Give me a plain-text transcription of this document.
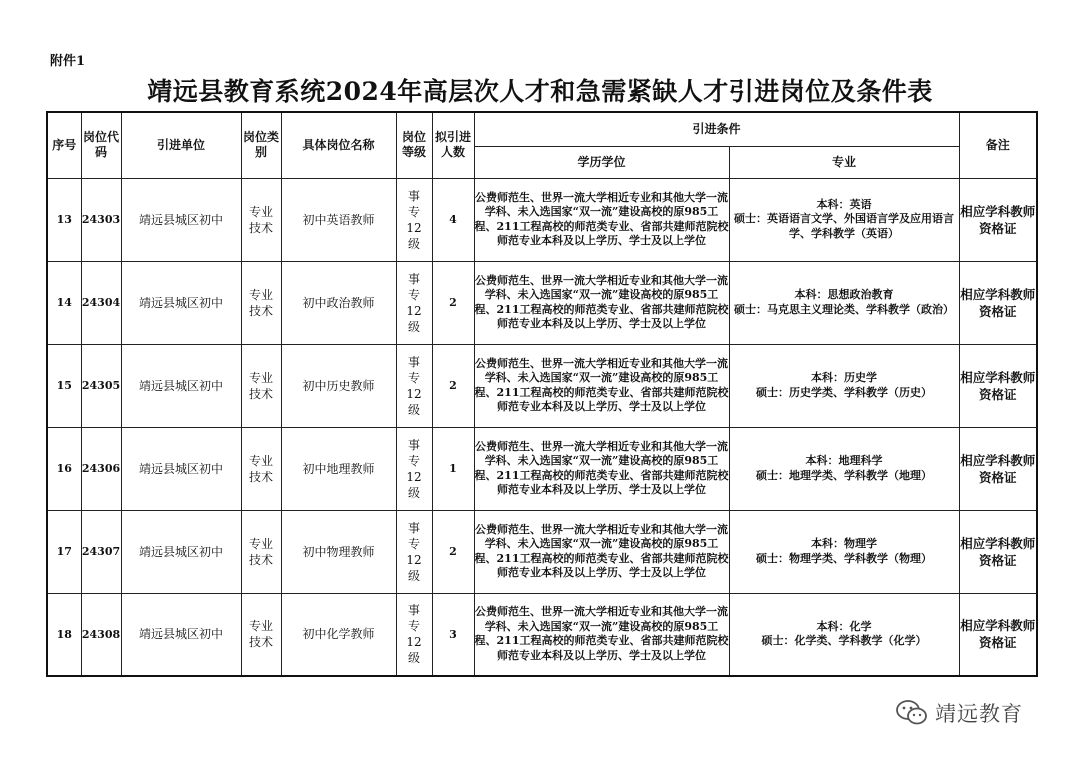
附件1
靖远县教育系统2024年高层次人才和急需紧缺人才引进岗位及条件表
序号	岗位代码	引进单位	岗位类别	具体岗位名称	岗位等级	拟引进人数	引进条件		备注
							学历学位	专业	
13	24303	靖远县城区初中	专业技术	初中英语教师	事专12级	4	公费师范生、世界一流大学相近专业和其他大学一流学科、未入选国家“双一流”建设高校的原985工程、211工程高校的师范类专业、省部共建师范院校师范专业本科及以上学历、学士及以上学位	本科：英语
硕士：英语语言文学、外国语言学及应用语言学、学科教学（英语）	相应学科教师资格证
14	24304	靖远县城区初中	专业技术	初中政治教师	事专12级	2	公费师范生、世界一流大学相近专业和其他大学一流学科、未入选国家“双一流”建设高校的原985工程、211工程高校的师范类专业、省部共建师范院校师范专业本科及以上学历、学士及以上学位	本科：思想政治教育
硕士：马克思主义理论类、学科教学（政治）	相应学科教师资格证
15	24305	靖远县城区初中	专业技术	初中历史教师	事专12级	2	公费师范生、世界一流大学相近专业和其他大学一流学科、未入选国家“双一流”建设高校的原985工程、211工程高校的师范类专业、省部共建师范院校师范专业本科及以上学历、学士及以上学位	本科：历史学
硕士：历史学类、学科教学（历史）	相应学科教师资格证
16	24306	靖远县城区初中	专业技术	初中地理教师	事专12级	1	公费师范生、世界一流大学相近专业和其他大学一流学科、未入选国家“双一流”建设高校的原985工程、211工程高校的师范类专业、省部共建师范院校师范专业本科及以上学历、学士及以上学位	本科：地理科学
硕士：地理学类、学科教学（地理）	相应学科教师资格证
17	24307	靖远县城区初中	专业技术	初中物理教师	事专12级	2	公费师范生、世界一流大学相近专业和其他大学一流学科、未入选国家“双一流”建设高校的原985工程、211工程高校的师范类专业、省部共建师范院校师范专业本科及以上学历、学士及以上学位	本科：物理学
硕士：物理学类、学科教学（物理）	相应学科教师资格证
18	24308	靖远县城区初中	专业技术	初中化学教师	事专12级	3	公费师范生、世界一流大学相近专业和其他大学一流学科、未入选国家“双一流”建设高校的原985工程、211工程高校的师范类专业、省部共建师范院校师范专业本科及以上学历、学士及以上学位	本科：化学
硕士：化学类、学科教学（化学）	相应学科教师资格证
靖远教育
